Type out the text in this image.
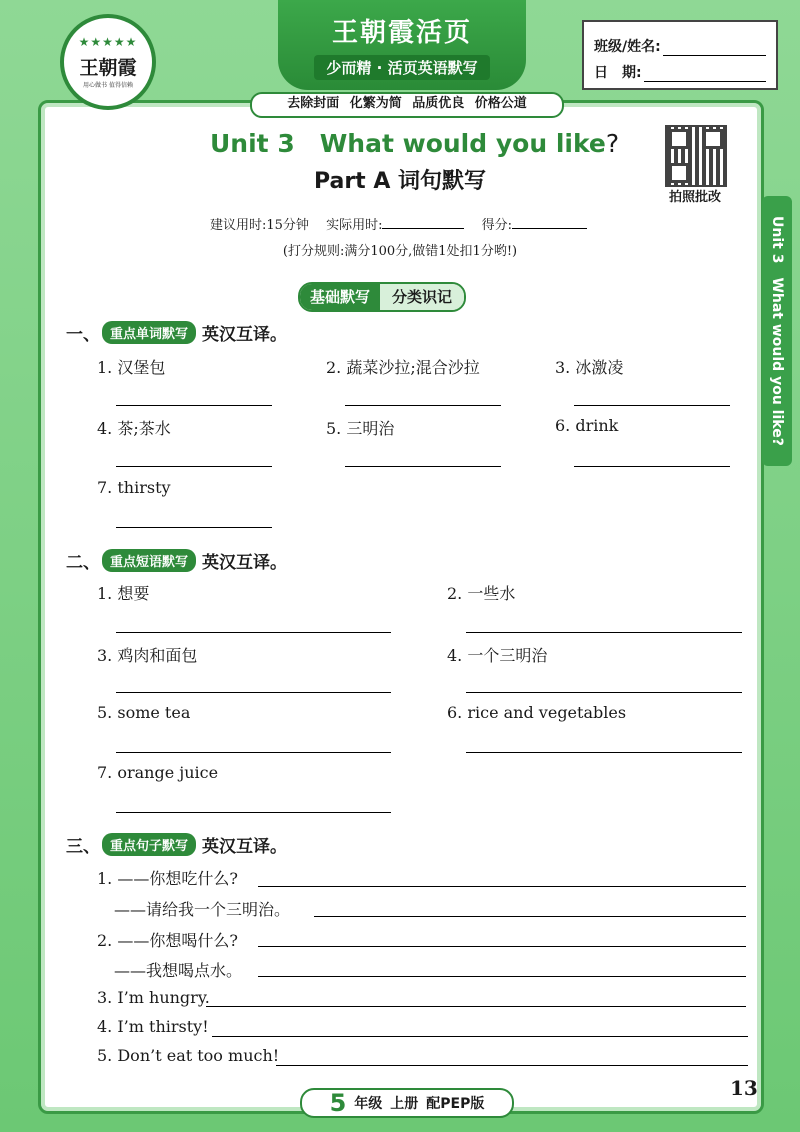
★★★★★
王朝霞
用心做书 值得信赖
王朝霞活页
少而精 · 活页英语默写
去除封面 化繁为简 品质优良 价格公道
班级/姓名:
日　期:
Unit 3　What would you like?
拍照批改
Unit 3　What would you like?
Part A 词句默写
建议用时:15分钟　 实际用时:　	得分:
(打分规则:满分100分,做错1处扣1分哟!)
基础默写	分类识记
一、 重点单词默写 英汉互译。
1. 汉堡包	2. 蔬菜沙拉;混合沙拉	3. 冰激凌
4. 茶;茶水	5. 三明治	6. drink
7. thirsty
二、 重点短语默写 英汉互译。
1. 想要	2. 一些水
3. 鸡肉和面包	4. 一个三明治
5. some tea	6. rice and vegetables
7. orange juice
三、 重点句子默写 英汉互译。
1. ——你想吃什么?
——请给我一个三明治。
2. ——你想喝什么?
——我想喝点水。
3. I’m hungry.
4. I’m thirsty!
5. Don’t eat too much!
5 年级 上册 配PEP版
13
